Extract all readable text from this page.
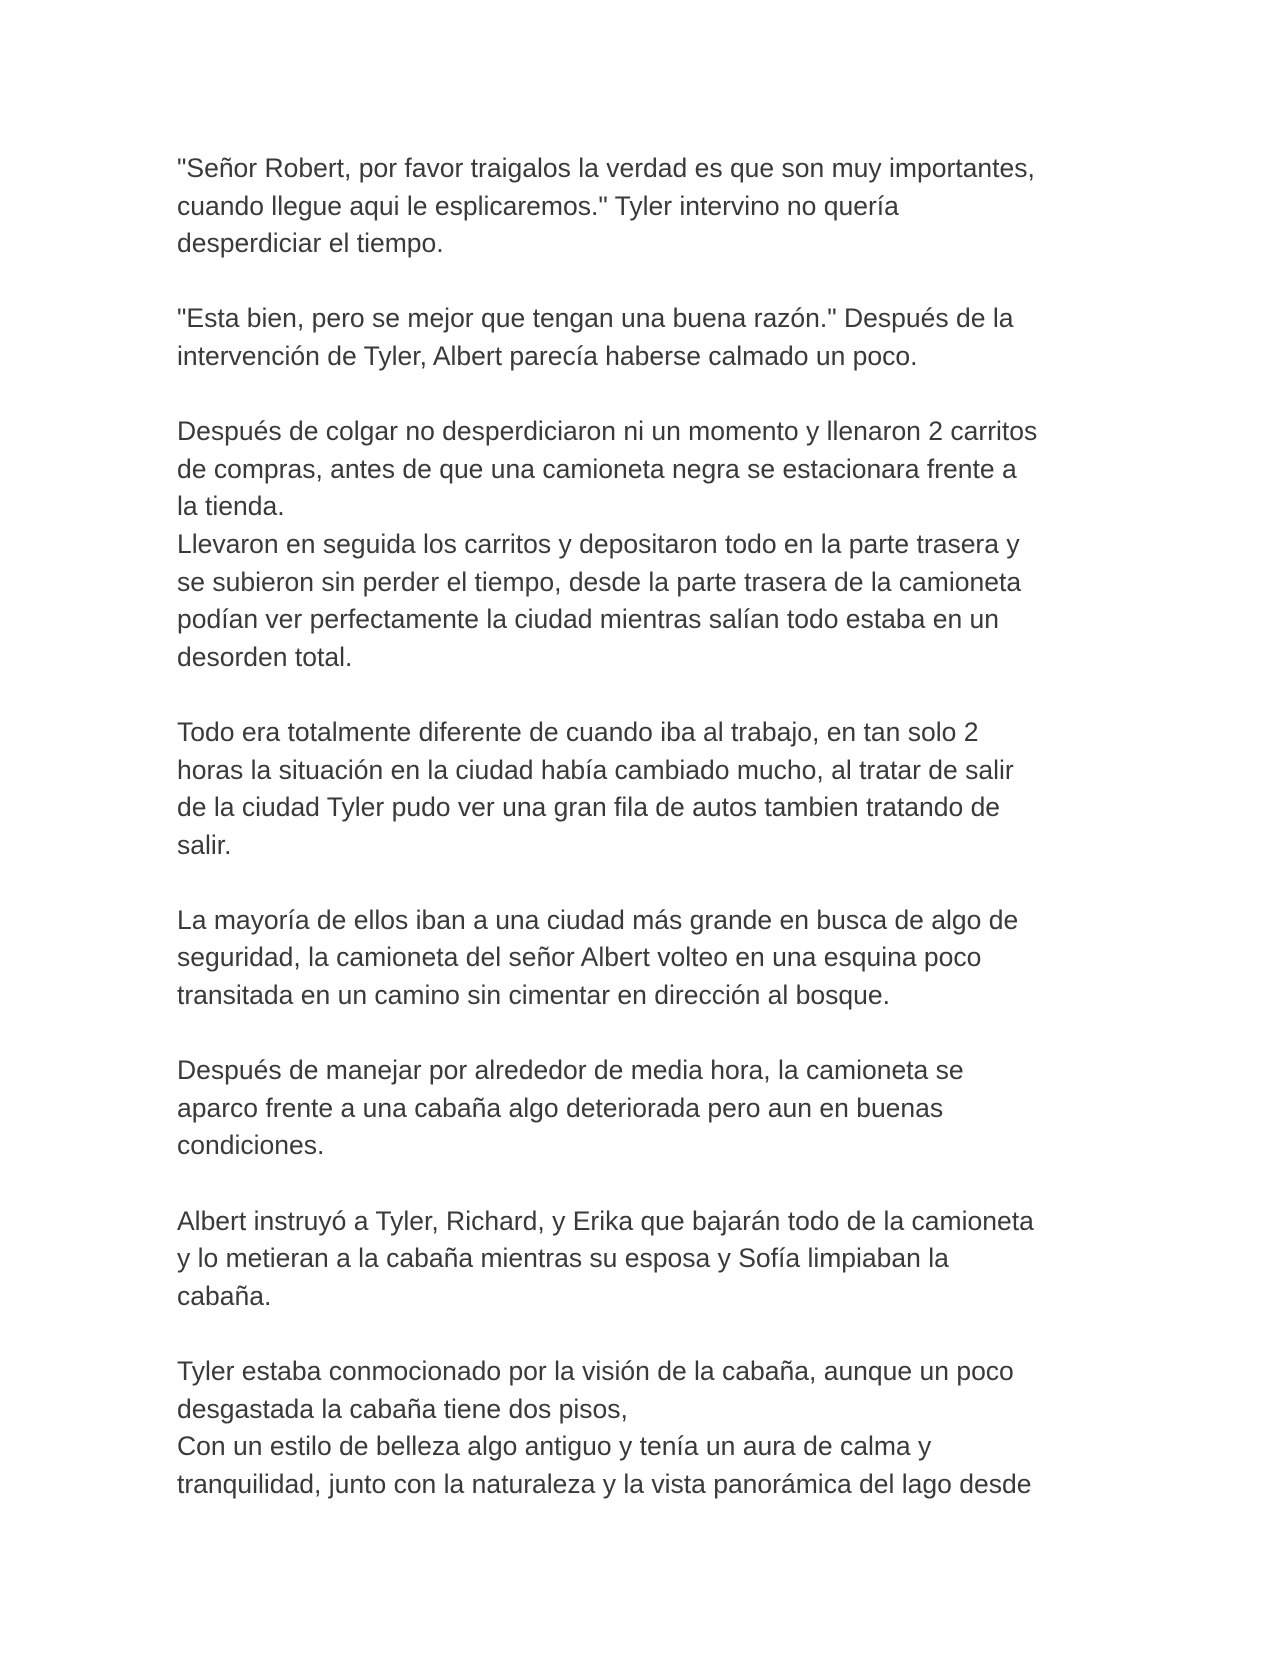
"Señor Robert, por favor traigalos la verdad es que son muy importantes,
cuando llegue aqui le esplicaremos." Tyler intervino no quería
desperdiciar el tiempo.

"Esta bien, pero se mejor que tengan una buena razón." Después de la
intervención de Tyler, Albert parecía haberse calmado un poco.

Después de colgar no desperdiciaron ni un momento y llenaron 2 carritos
de compras, antes de que una camioneta negra se estacionara frente a
la tienda.

Llevaron en seguida los carritos y depositaron todo en la parte trasera y
se subieron sin perder el tiempo, desde la parte trasera de la camioneta
podían ver perfectamente la ciudad mientras salían todo estaba en un
desorden total.

Todo era totalmente diferente de cuando iba al trabajo, en tan solo 2
horas la situación en la ciudad había cambiado mucho, al tratar de salir
de la ciudad Tyler pudo ver una gran fila de autos tambien tratando de
salir.

La mayoría de ellos iban a una ciudad más grande en busca de algo de
seguridad, la camioneta del señor Albert volteo en una esquina poco
transitada en un camino sin cimentar en dirección al bosque.

Después de manejar por alrededor de media hora, la camioneta se
aparco frente a una cabaña algo deteriorada pero aun en buenas
condiciones.

Albert instruyó a Tyler, Richard, y Erika que bajarán todo de la camioneta
y lo metieran a la cabaña mientras su esposa y Sofía limpiaban la
cabaña.

Tyler estaba conmocionado por la visión de la cabaña, aunque un poco
desgastada la cabaña tiene dos pisos,

Con un estilo de belleza algo antiguo y tenía un aura de calma y
tranquilidad, junto con la naturaleza y la vista panorámica del lago desde
